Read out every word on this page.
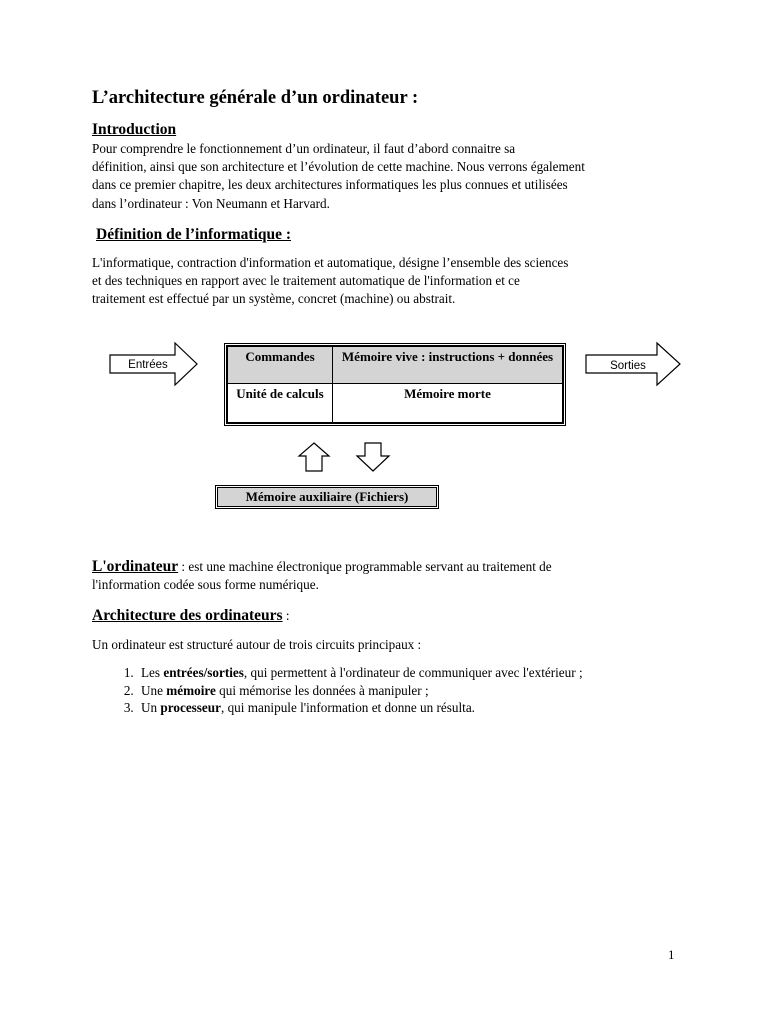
L’architecture générale d’un ordinateur :
Introduction
Pour comprendre le fonctionnement d’un ordinateur, il faut d’abord connaitre sa
définition, ainsi que son architecture et l’évolution de cette machine. Nous verrons également
dans ce premier chapitre, les deux architectures informatiques les plus connues et utilisées
dans l’ordinateur : Von Neumann et Harvard.
Définition de l’informatique :
L'informatique, contraction d'information et automatique, désigne l’ensemble des sciences
et des techniques en rapport avec le traitement automatique de l'information et ce
traitement est effectué par un système, concret (machine) ou abstrait.
Entrées	Sorties
Commandes	Mémoire vive : instructions + données
Unité de calculs	Mémoire morte
Mémoire auxiliaire (Fichiers)
L'ordinateur : est une machine électronique programmable servant au traitement de
l'information codée sous forme numérique.
Architecture des ordinateurs :
Un ordinateur est structuré autour de trois circuits principaux :
1. Les entrées/sorties, qui permettent à l'ordinateur de communiquer avec l'extérieur ;
2. Une mémoire qui mémorise les données à manipuler ;
3. Un processeur, qui manipule l'information et donne un résulta.
1
